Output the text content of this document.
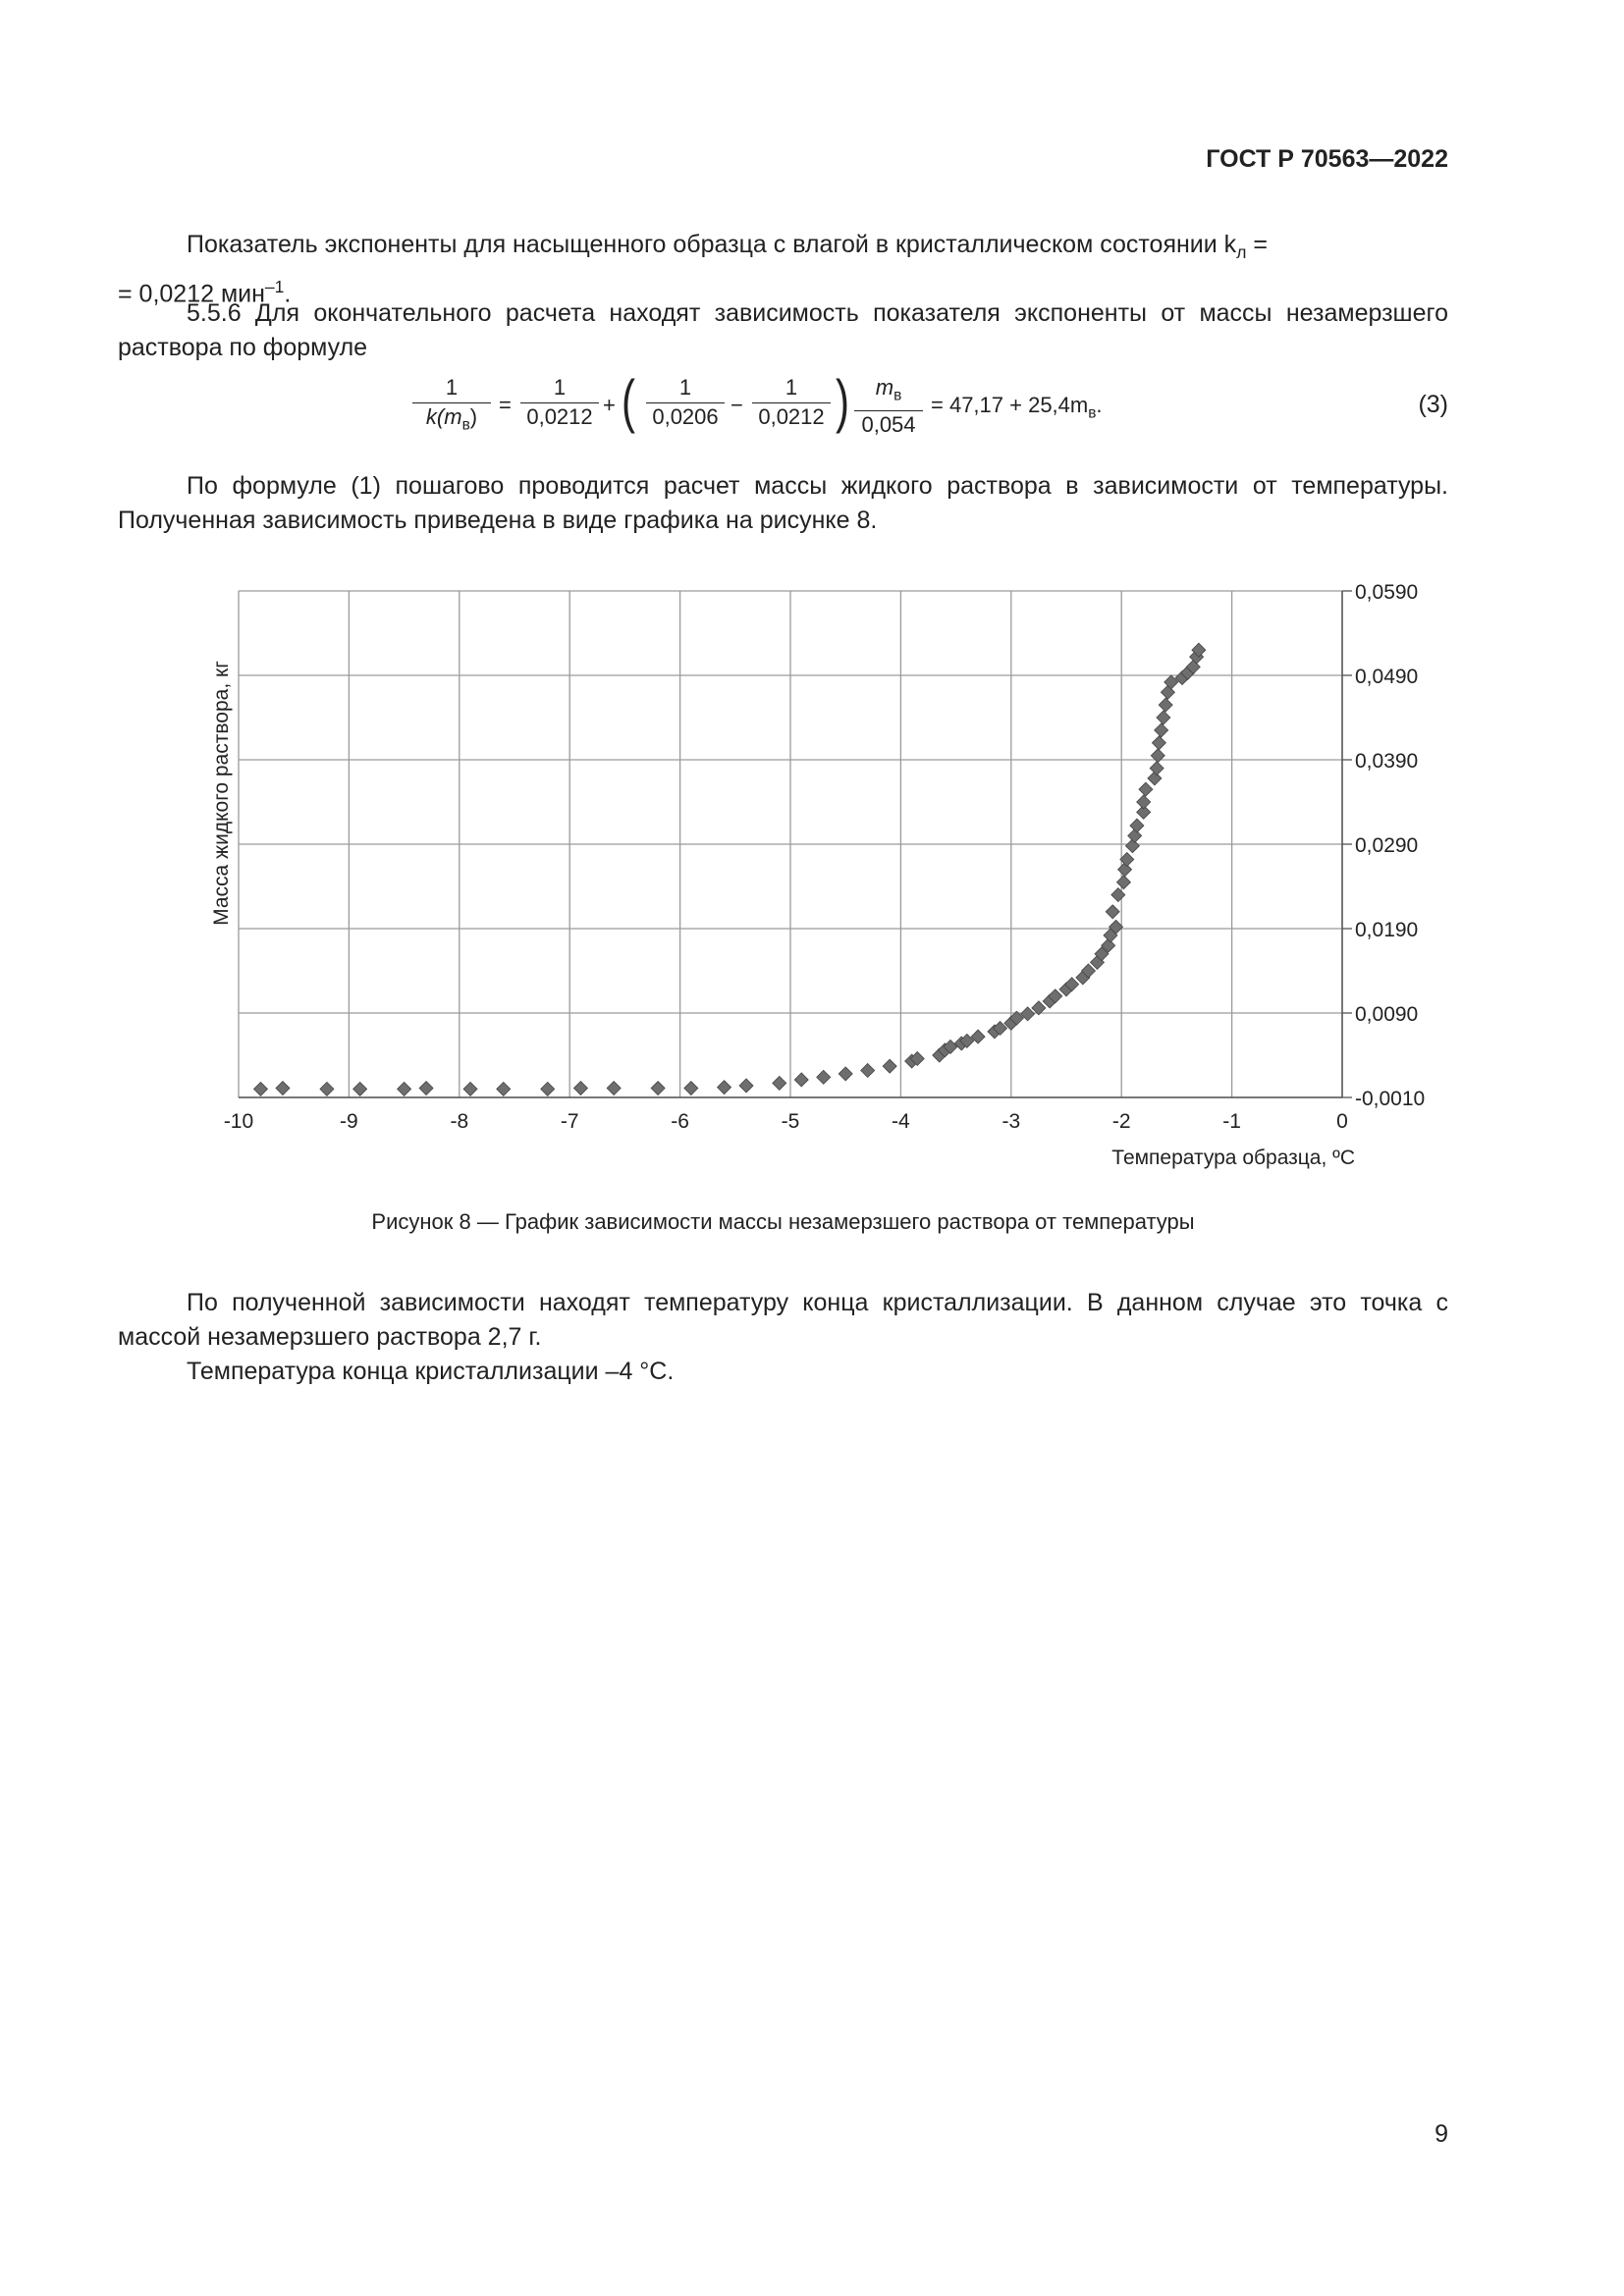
ГОСТ Р 70563—2022
Показатель экспоненты для насыщенного образца с влагой в кристаллическом состоянии $k_л$ =
= 0,0212 мин$^{-1}$.
5.5.6 Для окончательного расчета находят зависимость показателя экспоненты от массы незамерзшего раствора по формуле
1
$k(m_в) = \frac{1}{0,0212}$ + ( $\frac{1}{0,0206} - \frac{1}{0,0212}$ )	$m_в$
0,054
= $47,17 + 25,4m_в$.	(3)
По формуле (1) пошагово проводится расчет массы жидкого раствора в зависимости от температуры. Полученная зависимость приведена в виде графика на рисунке 8.
-10	-9	-8	-7	-6	-5	-4	-3	-2	-1	0
0,0590
0,0490
0,0390
0,0290
0,0190
0,0090
-0,0010
Масса жидкого раствора, кг
Температура образца, ºС
Рисунок 8 — График зависимости массы незамерзшего раствора от температуры
По полученной зависимости находят температуру конца кристаллизации. В данном случае это точка с массой незамерзшего раствора 2,7 г.
Температура конца кристаллизации –4 °С.
9
